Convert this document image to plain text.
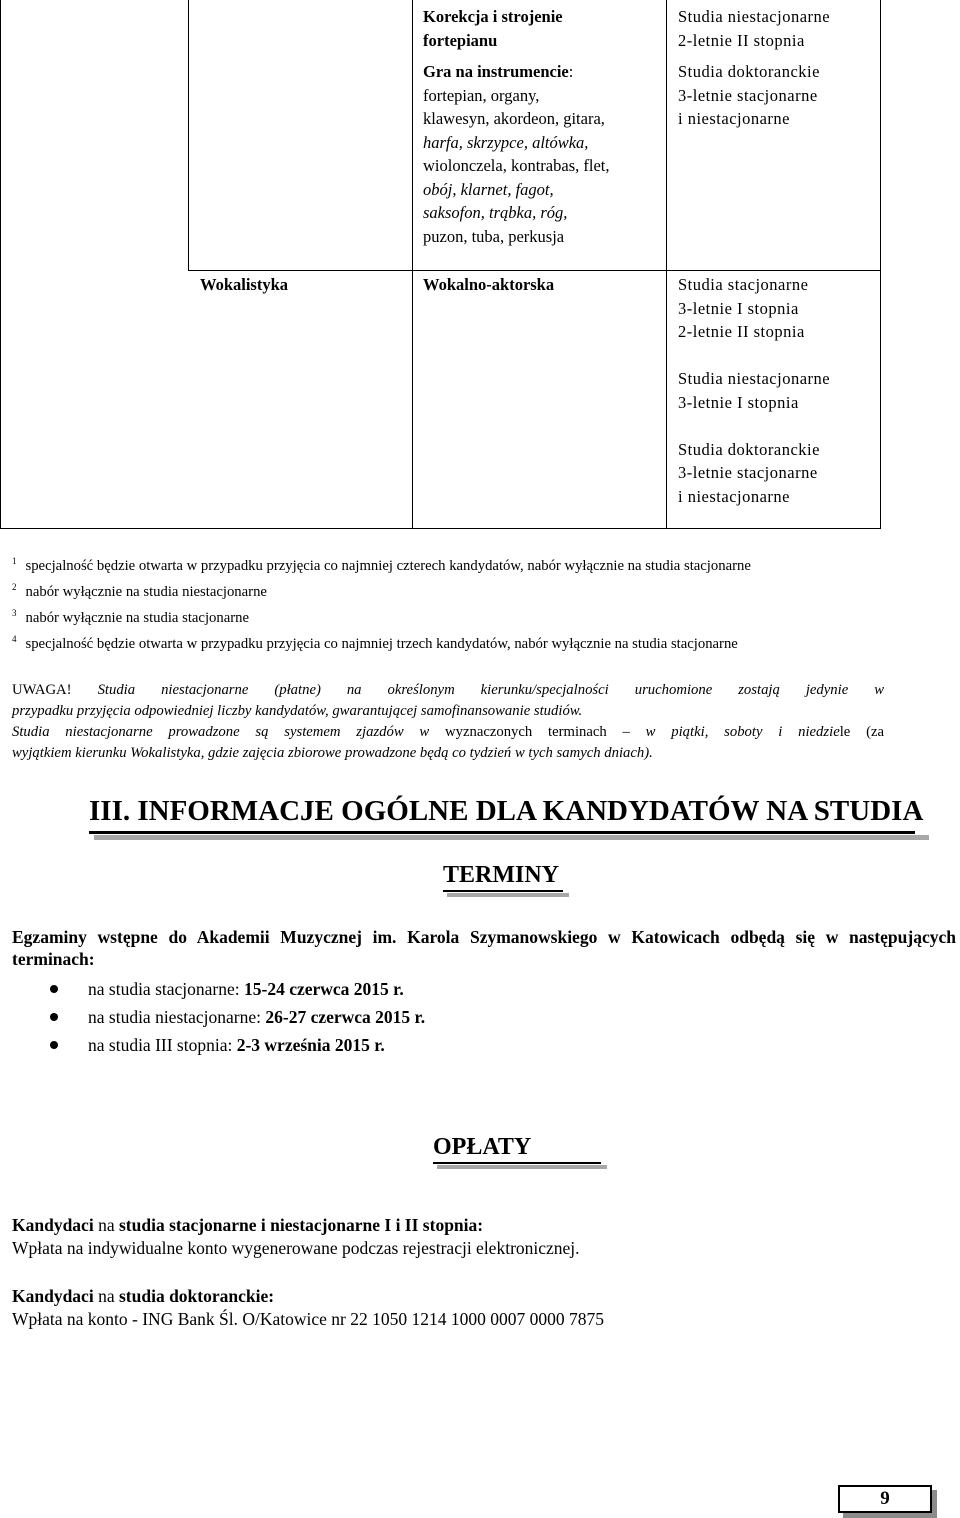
Korekcja i strojenie fortepianu
Gra na instrumencie:
fortepian, organy,
klawesyn, akordeon, gitara,
harfa, skrzypce, altówka,
wiolonczela, kontrabas, flet,
obój, klarnet, fagot,
saksofon, trąbka, róg,
puzon, tuba, perkusja
Studia niestacjonarne
2-letnie II stopnia
Studia doktoranckie
3-letnie stacjonarne
i niestacjonarne
Wokalistyka	Wokalno-aktorska	Studia stacjonarne
3-letnie I stopnia
2-letnie II stopnia
Studia niestacjonarne
3-letnie I stopnia
Studia doktoranckie
3-letnie stacjonarne
i niestacjonarne
$^1$ specjalność będzie otwarta w przypadku przyjęcia co najmniej czterech kandydatów, nabór wyłącznie na studia stacjonarne
$^2$ nabór wyłącznie na studia niestacjonarne
$^3$ nabór wyłącznie na studia stacjonarne
$^4$ specjalność będzie otwarta w przypadku przyjęcia co najmniej trzech kandydatów, nabór wyłącznie na studia stacjonarne
UWAGA! Studia niestacjonarne (płatne) na określonym kierunku/specjalności uruchomione zostają jedynie w
przypadku przyjęcia odpowiedniej liczby kandydatów, gwarantującej samofinansowanie studiów.
Studia niestacjonarne prowadzone są systemem zjazdów w wyznaczonych terminach – w piątki, soboty i niedziele (za
wyjątkiem kierunku Wokalistyka, gdzie zajęcia zbiorowe prowadzone będą co tydzień w tych samych dniach).
III. INFORMACJE OGÓLNE DLA KANDYDATÓW NA STUDIA
TERMINY
Egzaminy wstępne do Akademii Muzycznej im. Karola Szymanowskiego w Katowicach odbędą się w następujących terminach:
na studia stacjonarne: 15-24 czerwca 2015 r.
na studia niestacjonarne: 26-27 czerwca 2015 r.
na studia III stopnia: 2-3 września 2015 r.
OPŁATY
Kandydaci na studia stacjonarne i niestacjonarne I i II stopnia:
Wpłata na indywidualne konto wygenerowane podczas rejestracji elektronicznej.
Kandydaci na studia doktoranckie:
Wpłata na konto - ING Bank Śl. O/Katowice nr 22 1050 1214 1000 0007 0000 7875
9
